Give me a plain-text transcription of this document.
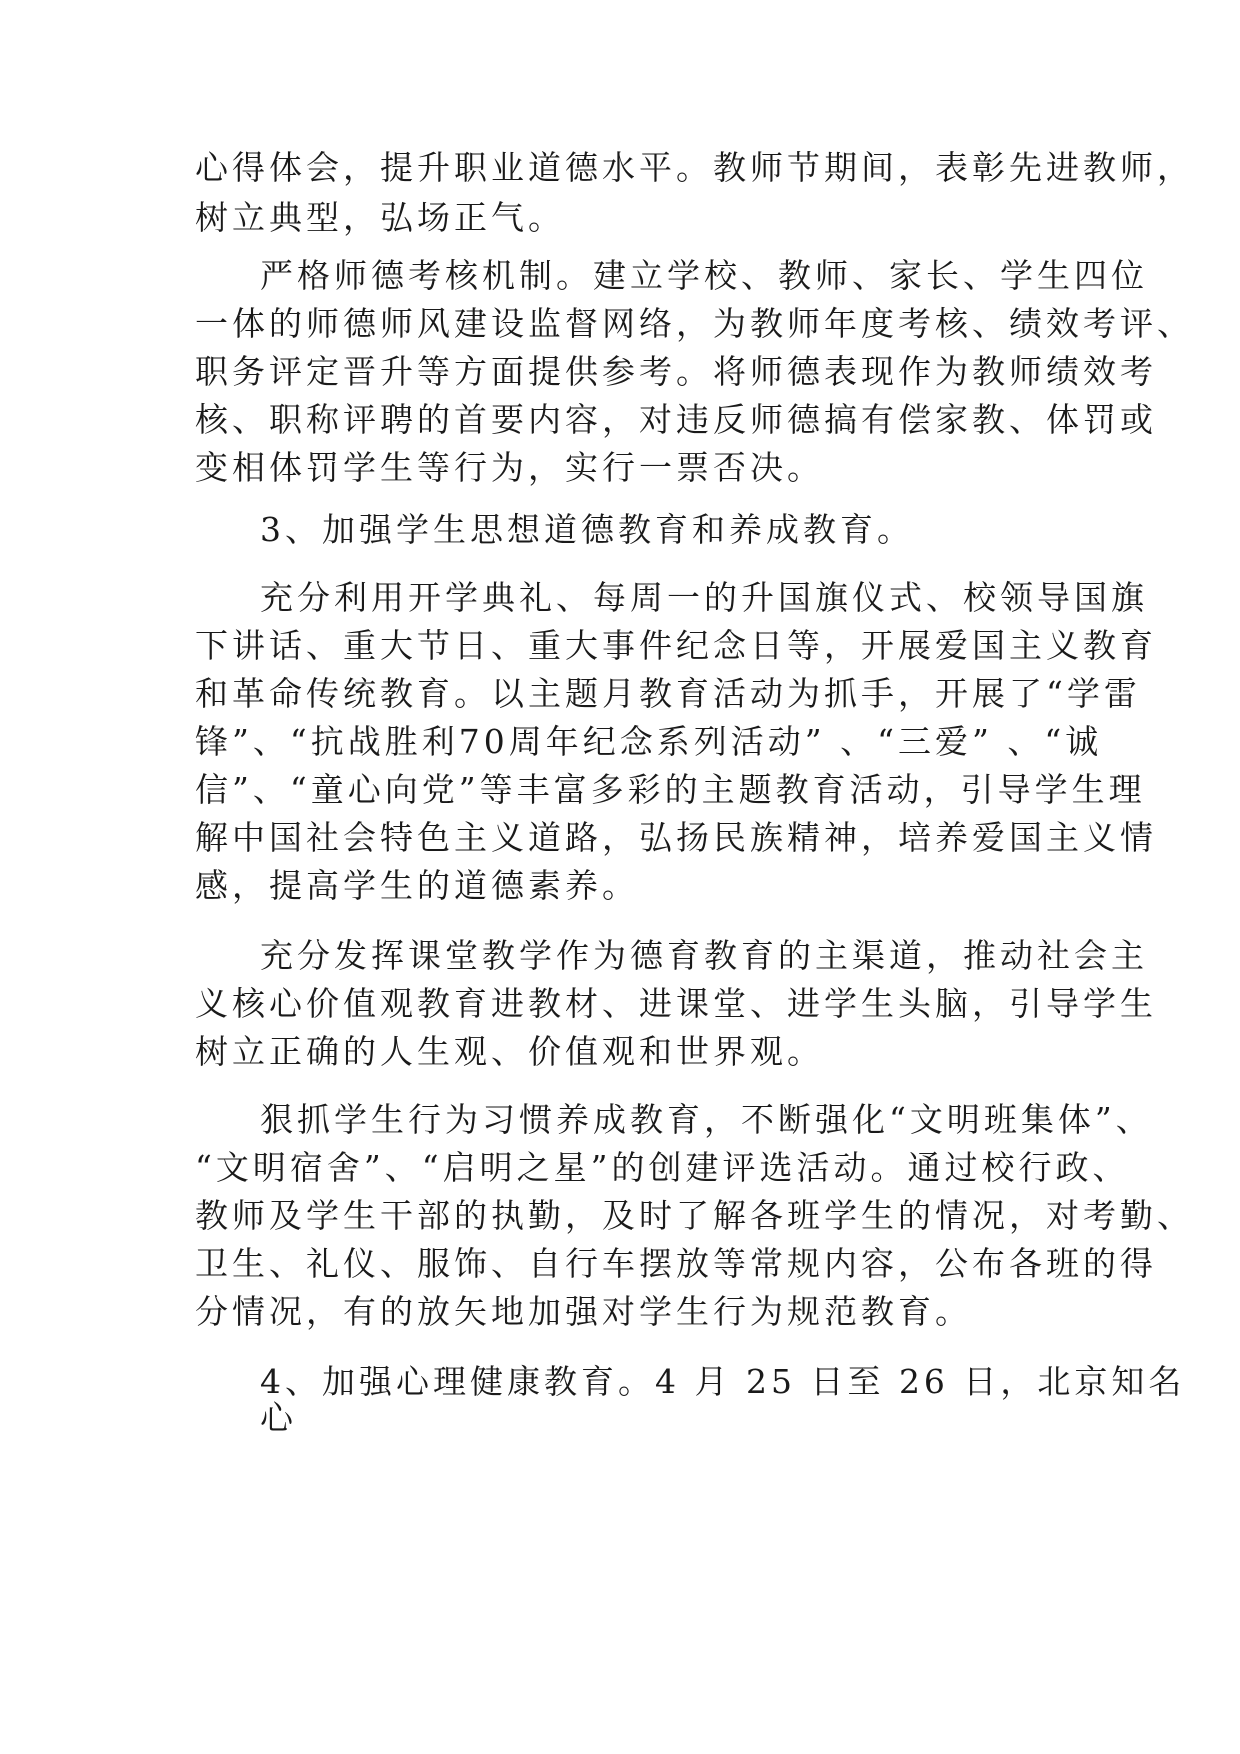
心得体会，提升职业道德水平。教师节期间，表彰先进教师，
树立典型，弘场正气。
严格师德考核机制。建立学校、教师、家长、学生四位
一体的师德师风建设监督网络，为教师年度考核、绩效考评、
职务评定晋升等方面提供参考。将师德表现作为教师绩效考
核、职称评聘的首要内容，对违反师德搞有偿家教、体罚或
变相体罚学生等行为，实行一票否决。
3、加强学生思想道德教育和养成教育。
充分利用开学典礼、每周一的升国旗仪式、校领导国旗
下讲话、重大节日、重大事件纪念日等，开展爱国主义教育
和革命传统教育。以主题月教育活动为抓手，开展了“学雷
锋”、“抗战胜利70周年纪念系列活动” 、“三爱” 、“诚
信”、“童心向党”等丰富多彩的主题教育活动，引导学生理
解中国社会特色主义道路，弘扬民族精神，培养爱国主义情
感，提高学生的道德素养。
充分发挥课堂教学作为德育教育的主渠道，推动社会主
义核心价值观教育进教材、进课堂、进学生头脑，引导学生
树立正确的人生观、价值观和世界观。
狠抓学生行为习惯养成教育，不断强化“文明班集体”、
“文明宿舍”、“启明之星”的创建评选活动。通过校行政、
教师及学生干部的执勤，及时了解各班学生的情况，对考勤、
卫生、礼仪、服饰、自行车摆放等常规内容，公布各班的得
分情况，有的放矢地加强对学生行为规范教育。
4、加强心理健康教育。4 月 25 日至 26 日，北京知名
心
